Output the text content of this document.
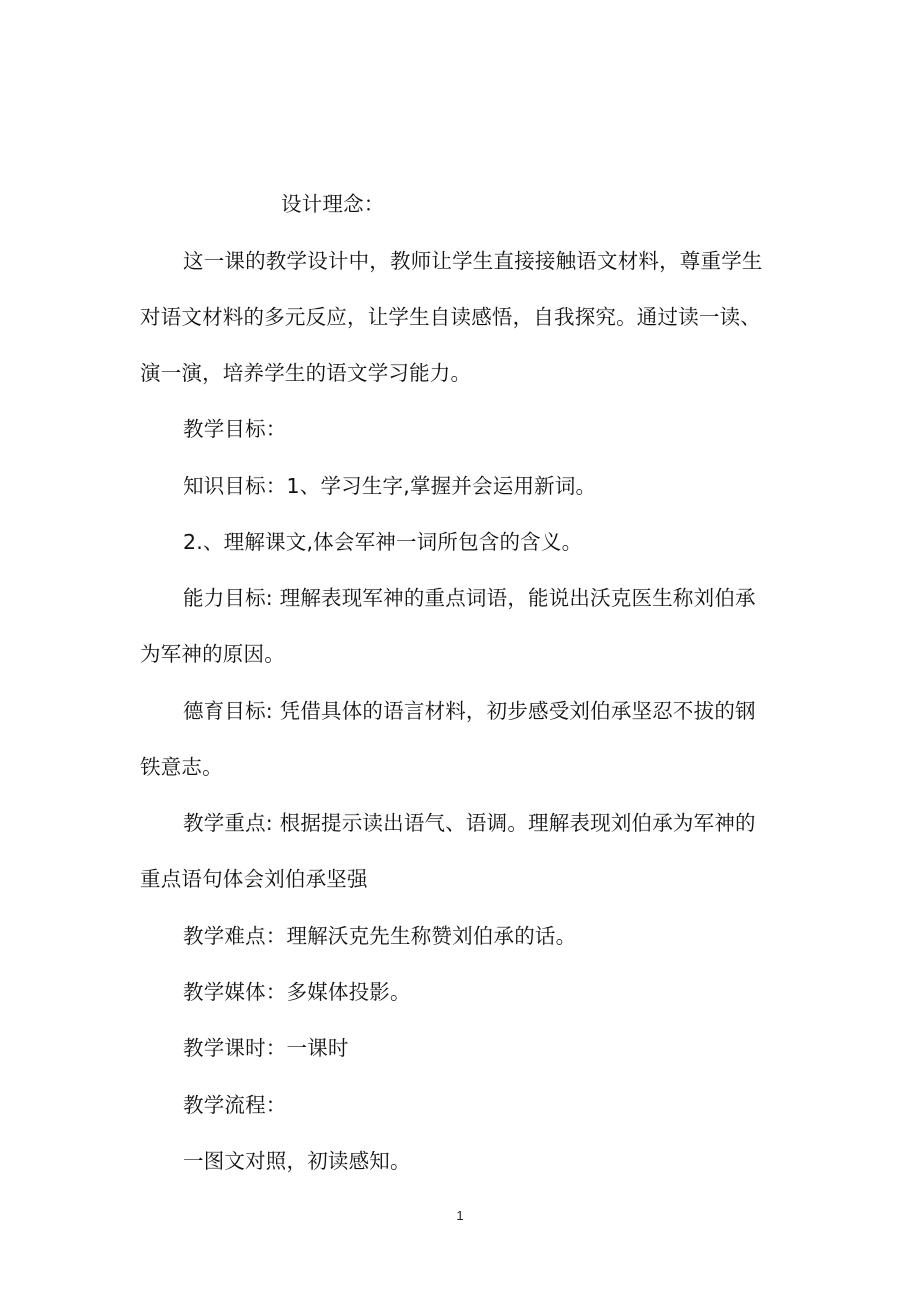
设计理念：
这一课的教学设计中，教师让学生直接接触语文材料，尊重学生
对语文材料的多元反应，让学生自读感悟，自我探究。通过读一读、
演一演，培养学生的语文学习能力。
教学目标：
知识目标：1、学习生字,掌握并会运用新词。
2.、理解课文,体会军神一词所包含的含义。
能力目标: 理解表现军神的重点词语，能说出沃克医生称刘伯承
为军神的原因。
德育目标: 凭借具体的语言材料，初步感受刘伯承坚忍不拔的钢
铁意志。
教学重点: 根据提示读出语气、语调。理解表现刘伯承为军神的
重点语句体会刘伯承坚强
教学难点：理解沃克先生称赞刘伯承的话。
教学媒体：多媒体投影。
教学课时：一课时
教学流程：
一图文对照，初读感知。
1
